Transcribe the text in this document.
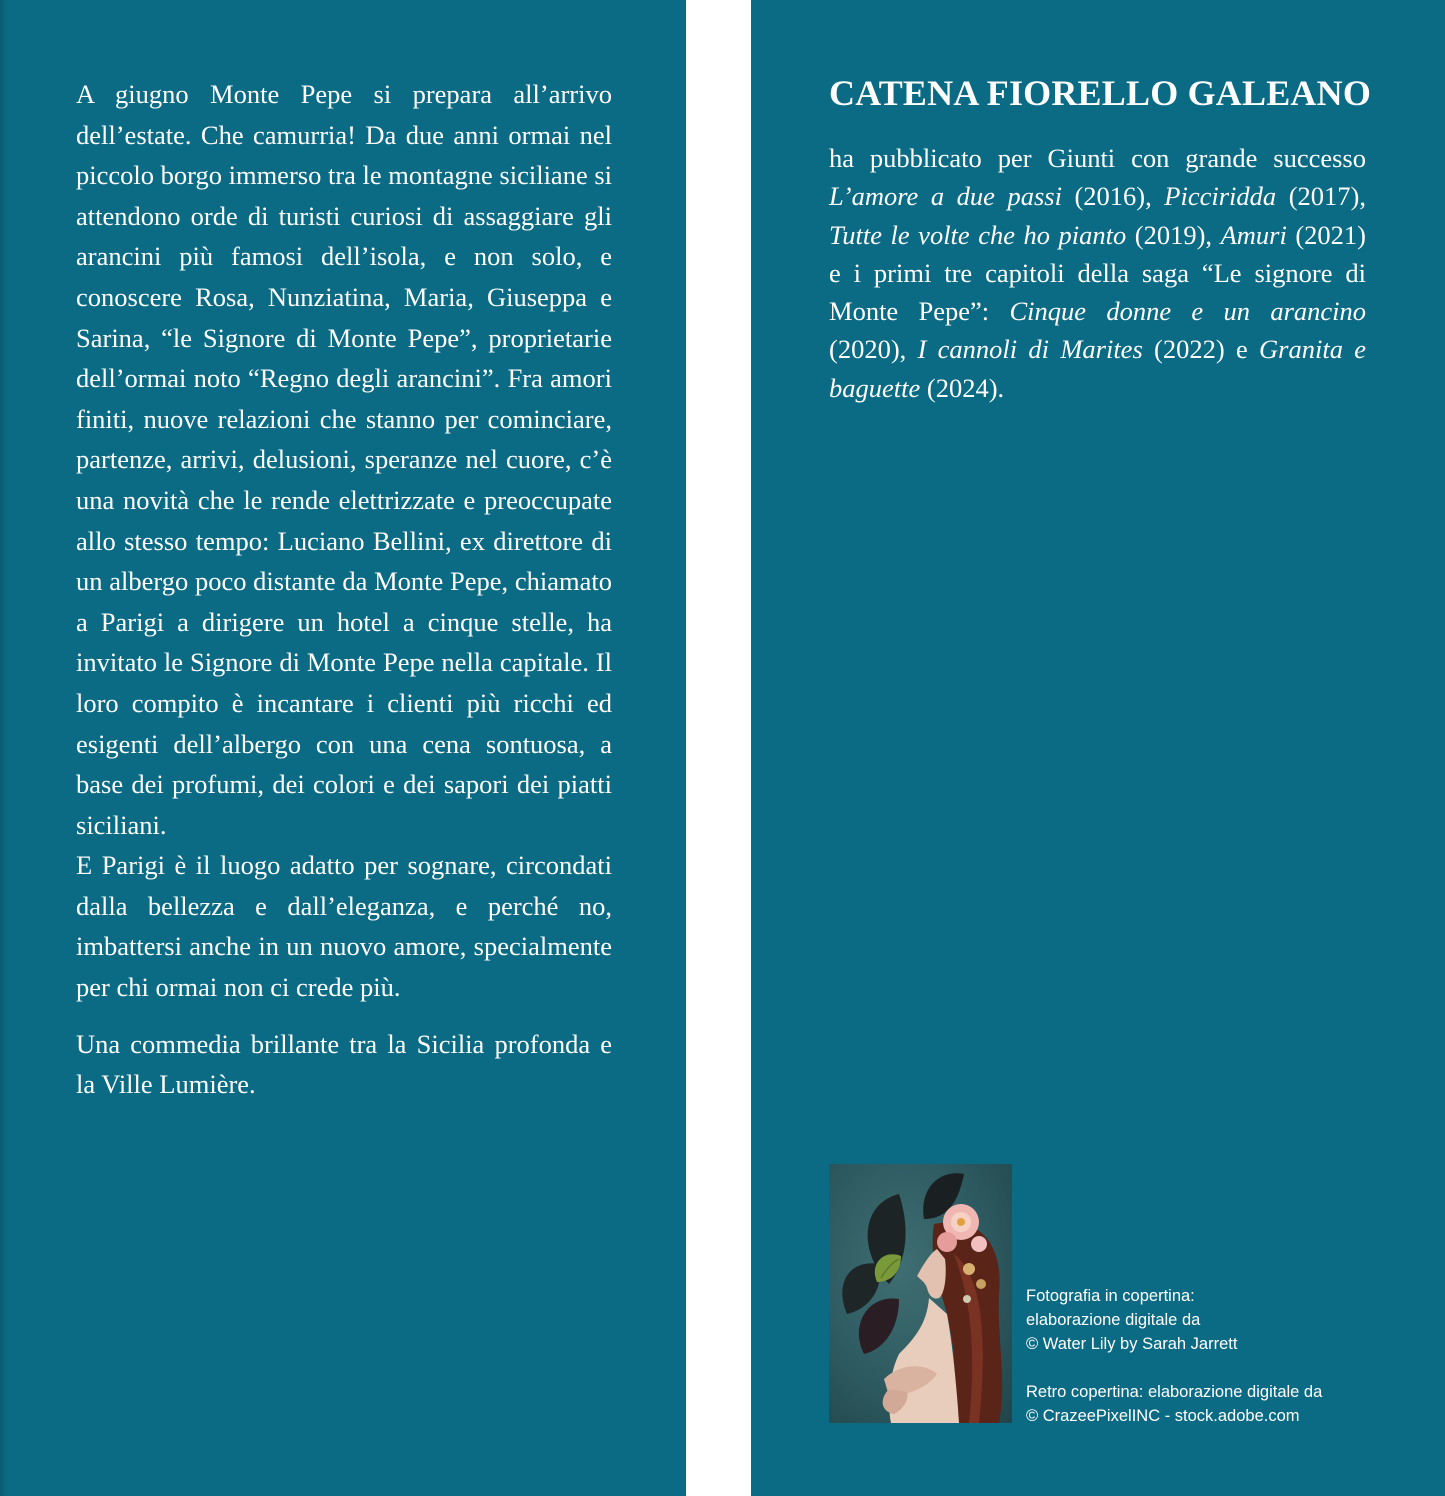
A giugno Monte Pepe si prepara all’arrivo dell’estate. Che camurria! Da due anni ormai nel piccolo borgo immerso tra le montagne siciliane si attendono orde di turisti curiosi di assaggiare gli arancini più famosi dell’isola, e non solo, e conoscere Rosa, Nunziatina, Maria, Giuseppa e Sarina, “le Signore di Monte Pepe”, proprietarie dell’ormai noto “Regno degli arancini”. Fra amori finiti, nuove relazioni che stanno per cominciare, partenze, arrivi, delusioni, speranze nel cuore, c’è una novità che le rende elettrizzate e preoccupate allo stesso tempo: Luciano Bellini, ex direttore di un albergo poco distante da Monte Pepe, chiamato a Parigi a dirigere un hotel a cinque stelle, ha invitato le Signore di Monte Pepe nella capitale. Il loro compito è incantare i clienti più ricchi ed esigenti dell’albergo con una cena sontuosa, a base dei profumi, dei colori e dei sapori dei piatti siciliani.

E Parigi è il luogo adatto per sognare, circondati dalla bellezza e dall’eleganza, e perché no, imbattersi anche in un nuovo amore, specialmente per chi ormai non ci crede più.

Una commedia brillante tra la Sicilia profonda e la Ville Lumière.

CATENA FIORELLO GALEANO
ha pubblicato per Giunti con grande successo L’amore a due passi (2016), Picciridda (2017), Tutte le volte che ho pianto (2019), Amuri (2021) e i primi tre capitoli della saga “Le signore di Monte Pepe”: Cinque donne e un arancino (2020), I cannoli di Marites (2022) e Granita e baguette (2024).
Fotografia in copertina:
elaborazione digitale da
© Water Lily by Sarah Jarrett
Retro copertina: elaborazione digitale da
© CrazeePixelINC - stock.adobe.com
